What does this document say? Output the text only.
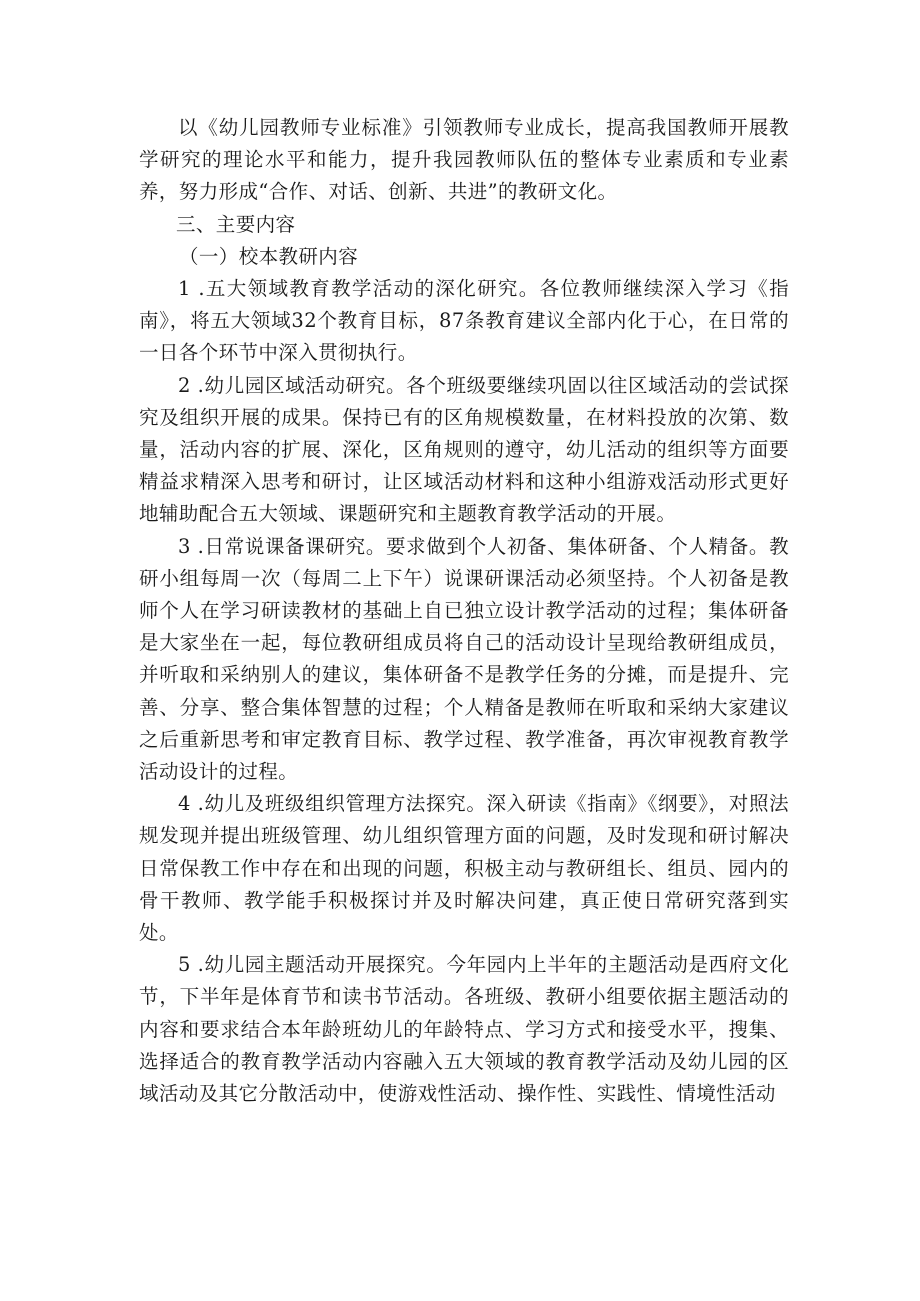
以《幼儿园教师专业标准》引领教师专业成长，提高我国教师开展教学研究的理论水平和能力，提升我园教师队伍的整体专业素质和专业素养，努力形成“合作、对话、创新、共进”的教研文化。

三、主要内容

（一）校本教研内容

1 .五大领域教育教学活动的深化研究。各位教师继续深入学习《指南》，将五大领域32个教育目标，87条教育建议全部内化于心，在日常的一日各个环节中深入贯彻执行。

2 .幼儿园区域活动研究。各个班级要继续巩固以往区域活动的尝试探究及组织开展的成果。保持已有的区角规模数量，在材料投放的次第、数量，活动内容的扩展、深化，区角规则的遵守，幼儿活动的组织等方面要精益求精深入思考和研讨，让区域活动材料和这种小组游戏活动形式更好地辅助配合五大领域、课题研究和主题教育教学活动的开展。

3 .日常说课备课研究。要求做到个人初备、集体研备、个人精备。教研小组每周一次（每周二上下午）说课研课活动必须坚持。个人初备是教师个人在学习研读教材的基础上自已独立设计教学活动的过程；集体研备是大家坐在一起，每位教研组成员将自己的活动设计呈现给教研组成员，并听取和采纳别人的建议，集体研备不是教学任务的分摊，而是提升、完善、分享、整合集体智慧的过程；个人精备是教师在听取和采纳大家建议之后重新思考和审定教育目标、教学过程、教学准备，再次审视教育教学活动设计的过程。

4 .幼儿及班级组织管理方法探究。深入研读《指南》《纲要》，对照法规发现并提出班级管理、幼儿组织管理方面的问题，及时发现和研讨解决日常保教工作中存在和出现的问题，积极主动与教研组长、组员、园内的骨干教师、教学能手积极探讨并及时解决问建，真正使日常研究落到实处。

5 .幼儿园主题活动开展探究。今年园内上半年的主题活动是西府文化节，下半年是体育节和读书节活动。各班级、教研小组要依据主题活动的内容和要求结合本年龄班幼儿的年龄特点、学习方式和接受水平，搜集、选择适合的教育教学活动内容融入五大领域的教育教学活动及幼儿园的区域活动及其它分散活动中，使游戏性活动、操作性、实践性、情境性活动
